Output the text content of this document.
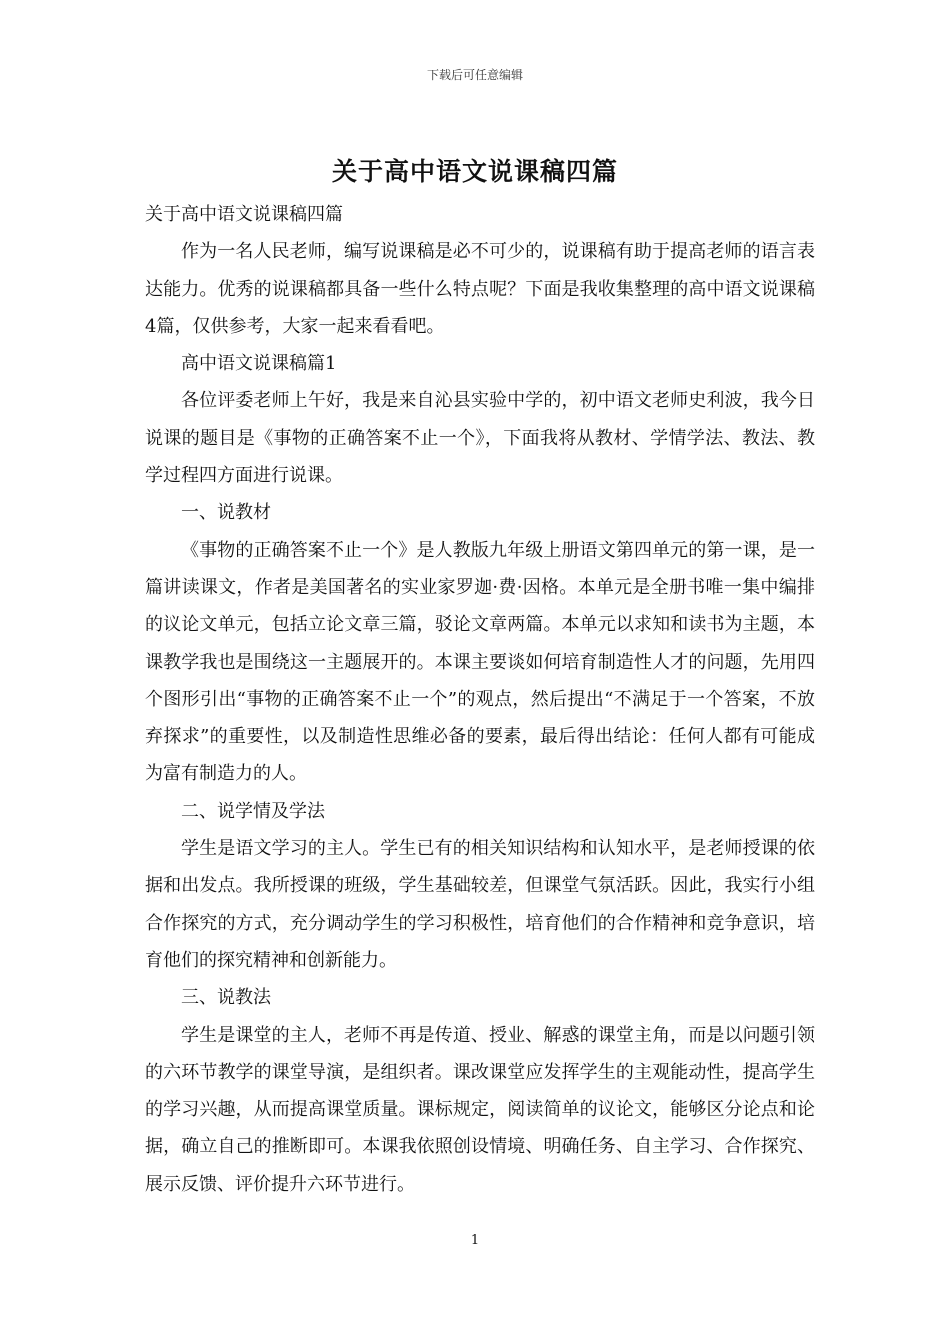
下载后可任意编辑
关于高中语文说课稿四篇

关于高中语文说课稿四篇

作为一名人民老师，编写说课稿是必不可少的，说课稿有助于提高老师的语言表达能力。优秀的说课稿都具备一些什么特点呢？下面是我收集整理的高中语文说课稿4篇，仅供参考，大家一起来看看吧。

高中语文说课稿篇1

各位评委老师上午好，我是来自沁县实验中学的，初中语文老师史利波，我今日说课的题目是《事物的正确答案不止一个》，下面我将从教材、学情学法、教法、教学过程四方面进行说课。

一、说教材

《事物的正确答案不止一个》是人教版九年级上册语文第四单元的第一课，是一篇讲读课文，作者是美国著名的实业家罗迦·费·因格。本单元是全册书唯一集中编排的议论文单元，包括立论文章三篇，驳论文章两篇。本单元以求知和读书为主题，本课教学我也是围绕这一主题展开的。本课主要谈如何培育制造性人才的问题，先用四个图形引出“事物的正确答案不止一个”的观点，然后提出“不满足于一个答案，不放弃探求”的重要性，以及制造性思维必备的要素，最后得出结论：任何人都有可能成为富有制造力的人。

二、说学情及学法

学生是语文学习的主人。学生已有的相关知识结构和认知水平，是老师授课的依据和出发点。我所授课的班级，学生基础较差，但课堂气氛活跃。因此，我实行小组合作探究的方式，充分调动学生的学习积极性，培育他们的合作精神和竞争意识，培育他们的探究精神和创新能力。

三、说教法

学生是课堂的主人，老师不再是传道、授业、解惑的课堂主角，而是以问题引领的六环节教学的课堂导演，是组织者。课改课堂应发挥学生的主观能动性，提高学生的学习兴趣，从而提高课堂质量。课标规定，阅读简单的议论文，能够区分论点和论据，确立自己的推断即可。本课我依照创设情境、明确任务、自主学习、合作探究、展示反馈、评价提升六环节进行。

1
